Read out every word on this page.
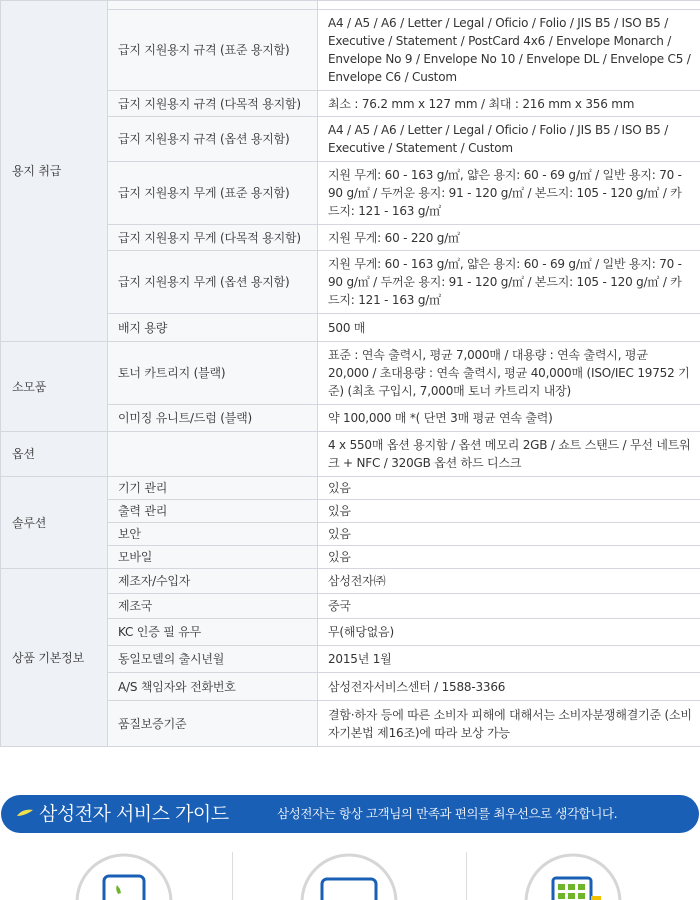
용지 취급		
	급지 지원용지 규격 (표준 용지함)	A4 / A5 / A6 / Letter / Legal / Oficio / Folio / JIS B5 / ISO B5 / Executive / Statement / PostCard 4x6 / Envelope Monarch / Envelope No 9 / Envelope No 10 / Envelope DL / Envelope C5 / Envelope C6 / Custom
	급지 지원용지 규격 (다목적 용지함)	최소 : 76.2 mm x 127 mm / 최대 : 216 mm x 356 mm
	급지 지원용지 규격 (옵션 용지함)	A4 / A5 / A6 / Letter / Legal / Oficio / Folio / JIS B5 / ISO B5 / Executive / Statement / Custom
	급지 지원용지 무게 (표준 용지함)	지원 무게: 60 - 163 g/㎡, 얇은 용지: 60 - 69 g/㎡ / 일반 용지: 70 - 90 g/㎡ / 두꺼운 용지: 91 - 120 g/㎡ / 본드지: 105 - 120 g/㎡ / 카드지: 121 - 163 g/㎡
	급지 지원용지 무게 (다목적 용지함)	지원 무게: 60 - 220 g/㎡
	급지 지원용지 무게 (옵션 용지함)	지원 무게: 60 - 163 g/㎡, 얇은 용지: 60 - 69 g/㎡ / 일반 용지: 70 - 90 g/㎡ / 두꺼운 용지: 91 - 120 g/㎡ / 본드지: 105 - 120 g/㎡ / 카드지: 121 - 163 g/㎡
	배지 용량	500 매
소모품	토너 카트리지 (블랙)	표준 : 연속 출력시, 평균 7,000매 / 대용량 : 연속 출력시, 평균 20,000 / 초대용량 : 연속 출력시, 평균 40,000매 (ISO/IEC 19752 기준) (최초 구입시, 7,000매 토너 카트리지 내장)
	이미징 유니트/드럼 (블랙)	약 100,000 매 *( 단면 3매 평균 연속 출력)
옵션		4 x 550매 옵션 용지함 / 옵션 메모리 2GB / 쇼트 스탠드 / 무선 네트워크 + NFC / 320GB 옵션 하드 디스크
솔루션	기기 관리	있음
	출력 관리	있음
	보안	있음
	모바일	있음
상품 기본정보	제조자/수입자	삼성전자㈜
	제조국	중국
	KC 인증 필 유무	무(해당없음)
	동일모델의 출시년월	2015년 1월
	A/S 책임자와 전화번호	삼성전자서비스센터 / 1588-3366
	품질보증기준	결함·하자 등에 따른 소비자 피해에 대해서는 소비자분쟁해결기준 (소비자기본법 제16조)에 따라 보상 가능
삼성전자 서비스 가이드	삼성전자는 항상 고객님의 만족과 편의를 최우선으로 생각합니다.
